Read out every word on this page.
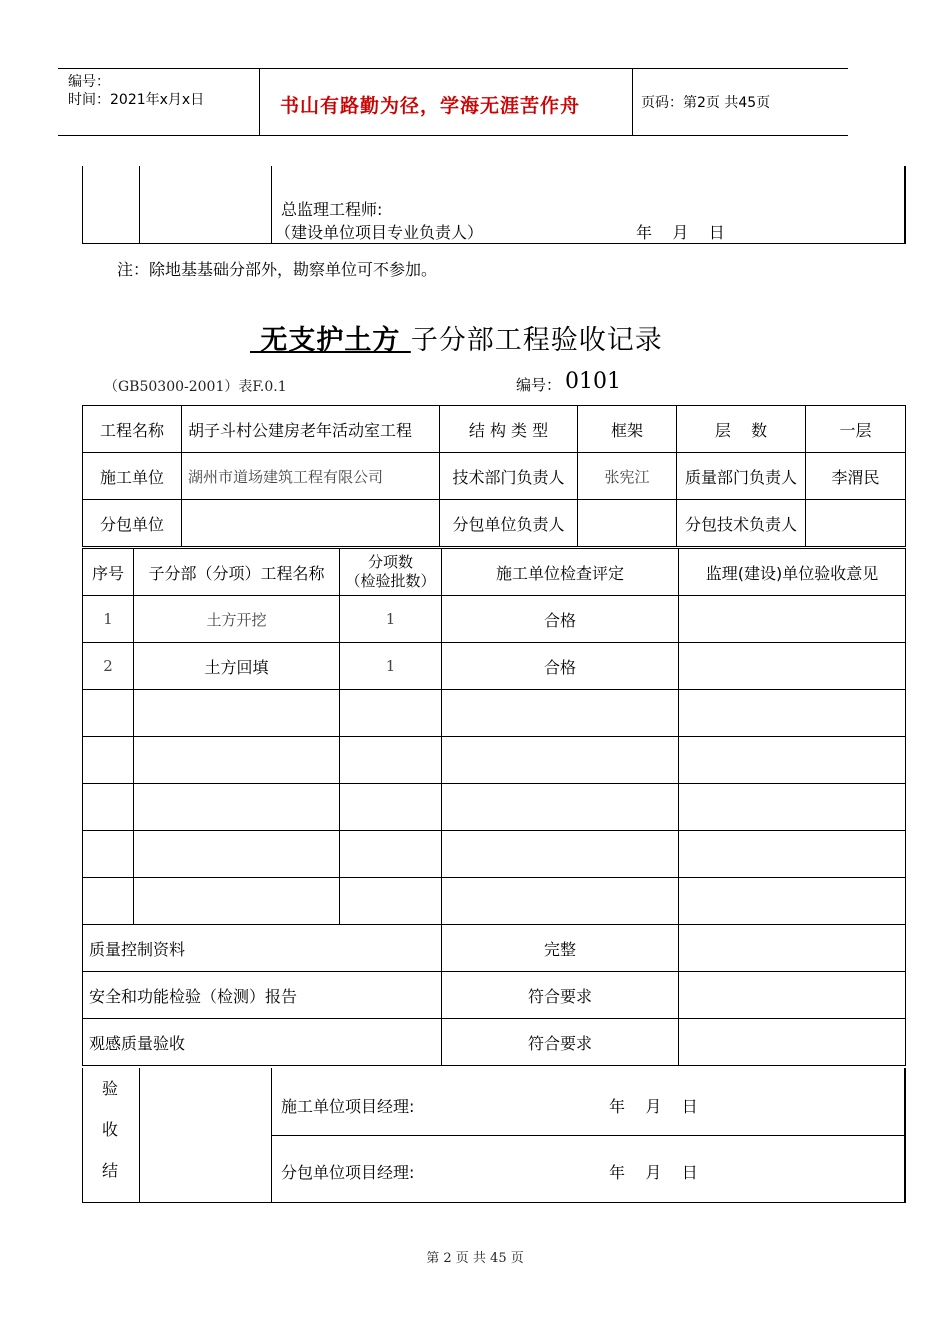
编号：
时间：2021年x月x日	书山有路勤为径，学海无涯苦作舟	页码：第2页 共45页
总监理工程师:
（建设单位项目专业负责人）	年    月    日
注：除地基基础分部外，勘察单位可不参加。
无支护土方 子分部工程验收记录
（GB50300-2001）表F.0.1	编号： 0101
工程名称	胡子斗村公建房老年活动室工程	结 构 类 型	框架	层    数	一层
施工单位	湖州市道场建筑工程有限公司	技术部门负责人	张宪江	质量部门负责人	李渭民
分包单位		分包单位负责人		分包技术负责人	
序号	子分部（分项）工程名称	分项数
（检验批数）	施工单位检查评定	监理(建设)单位验收意见
1	土方开挖	1	合格	
2	土方回填	1	合格	

质量控制资料			完整	
安全和功能检验（检测）报告			符合要求	
观感质量验收			符合要求	
验
收
结
施工单位项目经理:	年    月    日
分包单位项目经理:	年    月    日
第 2 页 共 45 页
